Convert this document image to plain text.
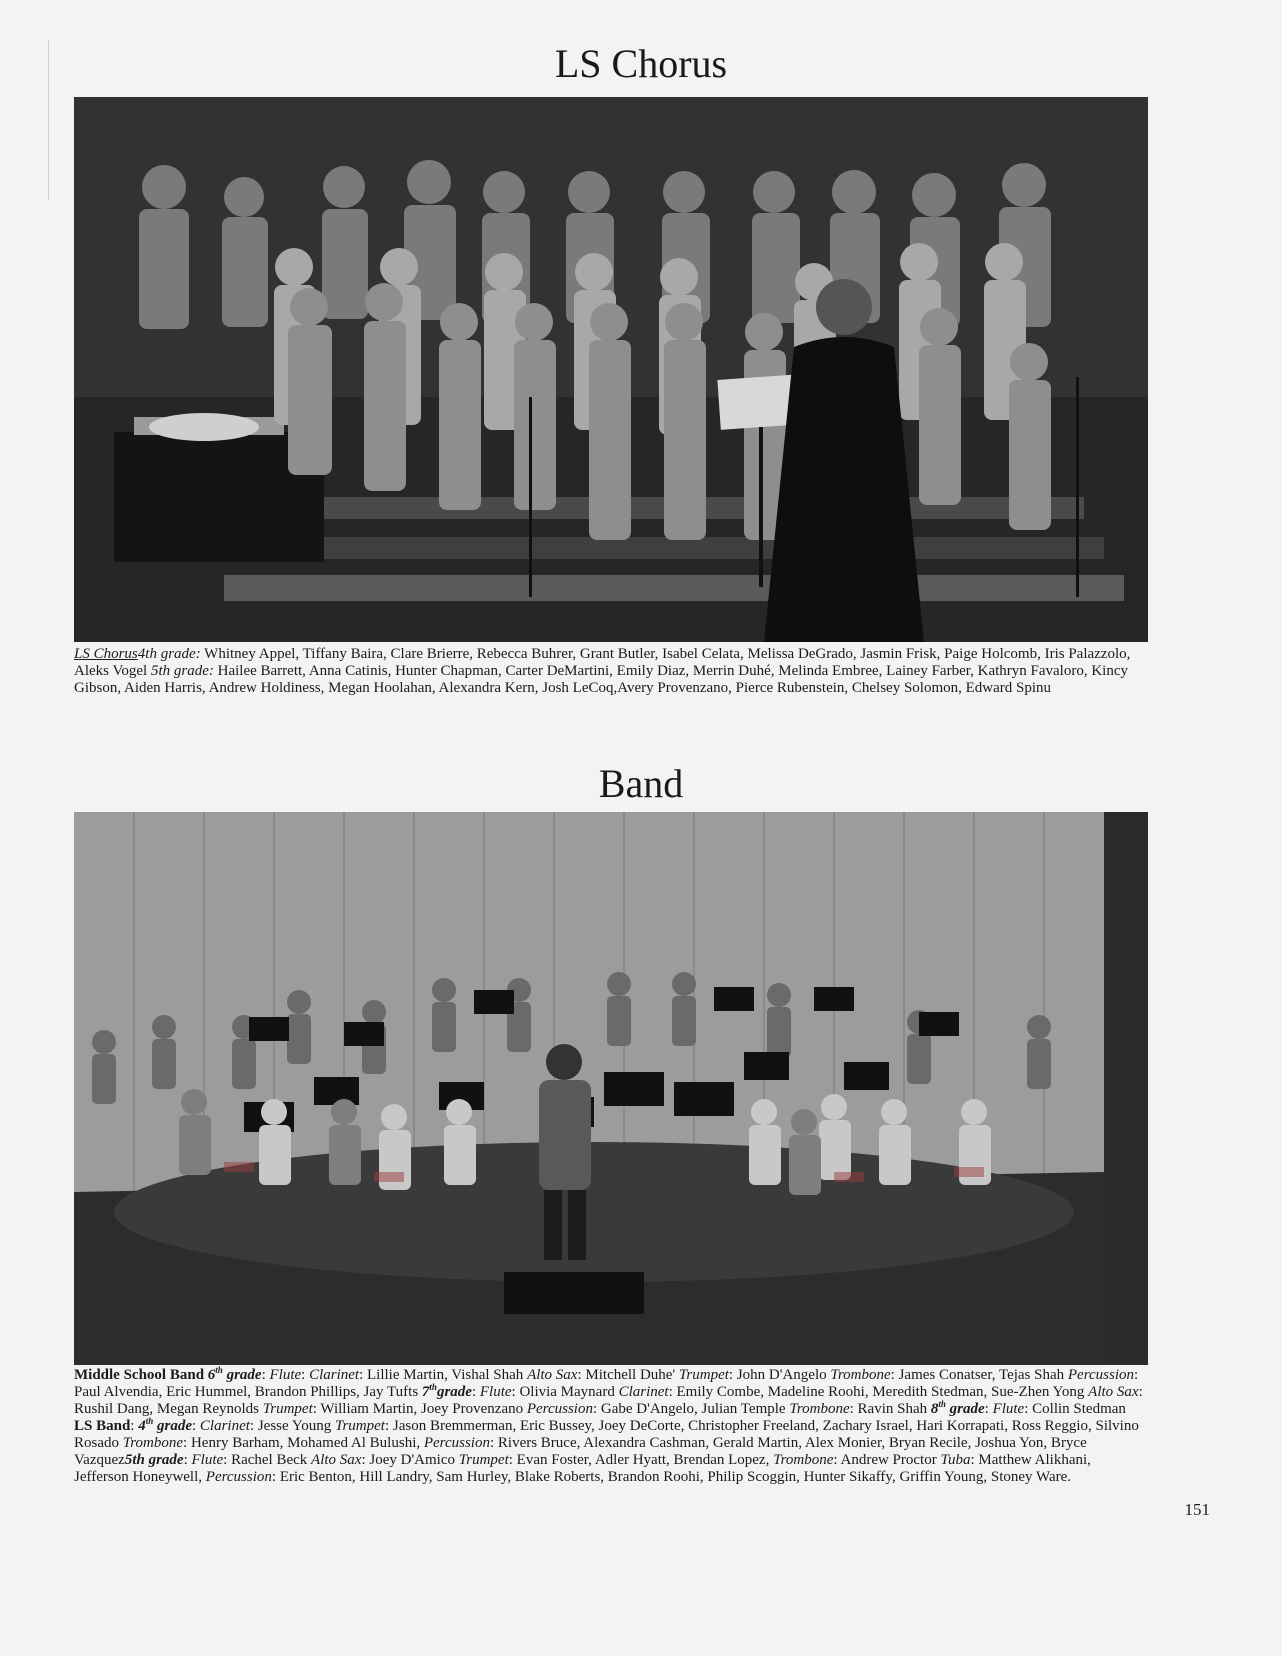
LS Chorus
LS Chorus4th grade: Whitney Appel, Tiffany Baira, Clare Brierre, Rebecca Buhrer, Grant Butler, Isabel Celata, Melissa DeGrado, Jasmin Frisk, Paige Holcomb, Iris Palazzolo, Aleks Vogel 5th grade: Hailee Barrett, Anna Catinis, Hunter Chapman, Carter DeMartini, Emily Diaz, Merrin Duhé, Melinda Embree, Lainey Farber, Kathryn Favaloro, Kincy Gibson, Aiden Harris, Andrew Holdiness, Megan Hoolahan, Alexandra Kern, Josh LeCoq,Avery Provenzano, Pierce Rubenstein, Chelsey Solomon, Edward Spinu
Band
Middle School Band 6th grade: Flute: Clarinet: Lillie Martin, Vishal Shah Alto Sax: Mitchell Duhe' Trumpet: John D'Angelo Trombone: James Conatser, Tejas Shah Percussion: Paul Alvendia, Eric Hummel, Brandon Phillips, Jay Tufts 7thgrade: Flute: Olivia Maynard Clarinet: Emily Combe, Madeline Roohi, Meredith Stedman, Sue-Zhen Yong Alto Sax: Rushil Dang, Megan Reynolds Trumpet: William Martin, Joey Provenzano Percussion: Gabe D'Angelo, Julian Temple Trombone: Ravin Shah 8th grade: Flute: Collin Stedman
LS Band: 4th grade: Clarinet: Jesse Young Trumpet: Jason Bremmerman, Eric Bussey, Joey DeCorte, Christopher Freeland, Zachary Israel, Hari Korrapati, Ross Reggio, Silvino Rosado Trombone: Henry Barham, Mohamed Al Bulushi, Percussion: Rivers Bruce, Alexandra Cashman, Gerald Martin, Alex Monier, Bryan Recile, Joshua Yon, Bryce Vazquez5th grade: Flute: Rachel Beck Alto Sax: Joey D'Amico Trumpet: Evan Foster, Adler Hyatt, Brendan Lopez, Trombone: Andrew Proctor Tuba: Matthew Alikhani, Jefferson Honeywell, Percussion: Eric Benton, Hill Landry, Sam Hurley, Blake Roberts, Brandon Roohi, Philip Scoggin, Hunter Sikaffy, Griffin Young, Stoney Ware.
151
